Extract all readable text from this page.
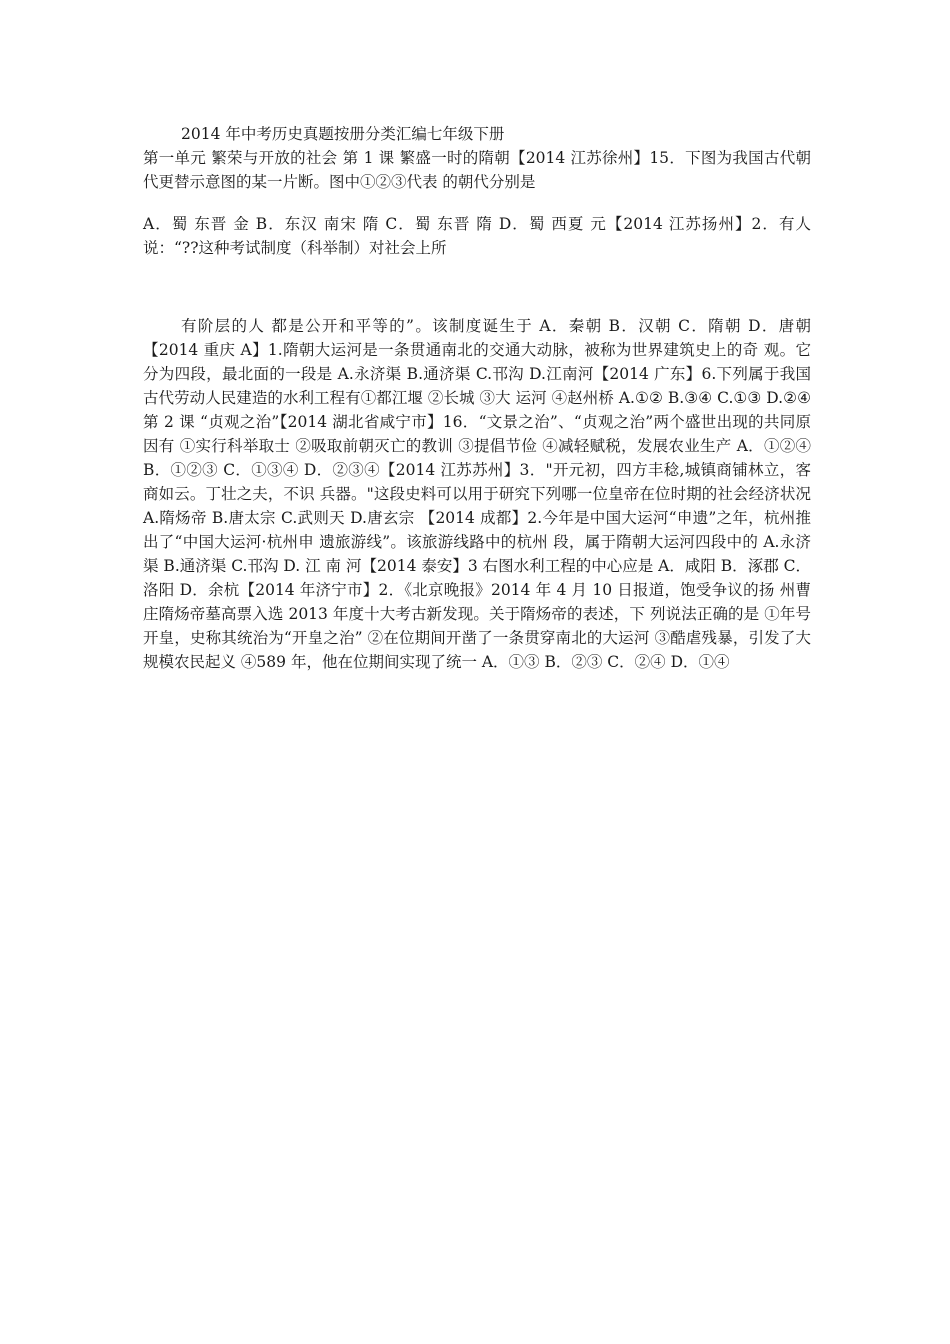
2014 年中考历史真题按册分类汇编七年级下册

第一单元 繁荣与开放的社会 第 1 课 繁盛一时的隋朝【2014 江苏徐州】15．下图为我国古代朝代更替示意图的某一片断。图中①②③代表 的朝代分别是

A．蜀 东晋 金 B．东汉 南宋 隋 C．蜀 东晋 隋 D．蜀 西夏 元【2014 江苏扬州】2．有人说：“??这种考试制度（科举制）对社会上所

有阶层的人 都是公开和平等的”。该制度诞生于 A．秦朝 B．汉朝 C．隋朝 D．唐朝【2014 重庆 A】1.隋朝大运河是一条贯通南北的交通大动脉，被称为世界建筑史上的奇 观。它分为四段，最北面的一段是 A.永济渠 B.通济渠 C.邗沟 D.江南河【2014 广东】6.下列属于我国古代劳动人民建造的水利工程有①都江堰 ②长城 ③大 运河 ④赵州桥 A.①② B.③④ C.①③ D.②④ 第 2 课 “贞观之治”【2014 湖北省咸宁市】16．“文景之治”、“贞观之治”两个盛世出现的共同原因有 ①实行科举取士 ②吸取前朝灭亡的教训 ③提倡节俭 ④减轻赋税，发展农业生产 A．①②④ B．①②③ C．①③④ D．②③④【2014 江苏苏州】3．"开元初，四方丰稔,城镇商铺林立，客商如云。丁壮之夫，不识 兵器。"这段史料可以用于研究下列哪一位皇帝在位时期的社会经济状况 A.隋炀帝 B.唐太宗 C.武则天 D.唐玄宗 【2014 成都】2.今年是中国大运河“申遗”之年，杭州推出了“中国大运河·杭州申 遗旅游线”。该旅游线路中的杭州 段，属于隋朝大运河四段中的 A.永济渠 B.通济渠 C.邗沟 D. 江 南 河【2014 泰安】3 右图水利工程的中心应是 A．咸阳 B．涿郡 C．洛阳 D．余杭【2014 年济宁市】2．《北京晚报》2014 年 4 月 10 日报道，饱受争议的扬 州曹庄隋炀帝墓高票入选 2013 年度十大考古新发现。关于隋炀帝的表述，下 列说法正确的是 ①年号开皇，史称其统治为“开皇之治” ②在位期间开凿了一条贯穿南北的大运河 ③酷虐残暴，引发了大规模农民起义 ④589 年，他在位期间实现了统一 A．①③ B．②③ C．②④ D．①④
